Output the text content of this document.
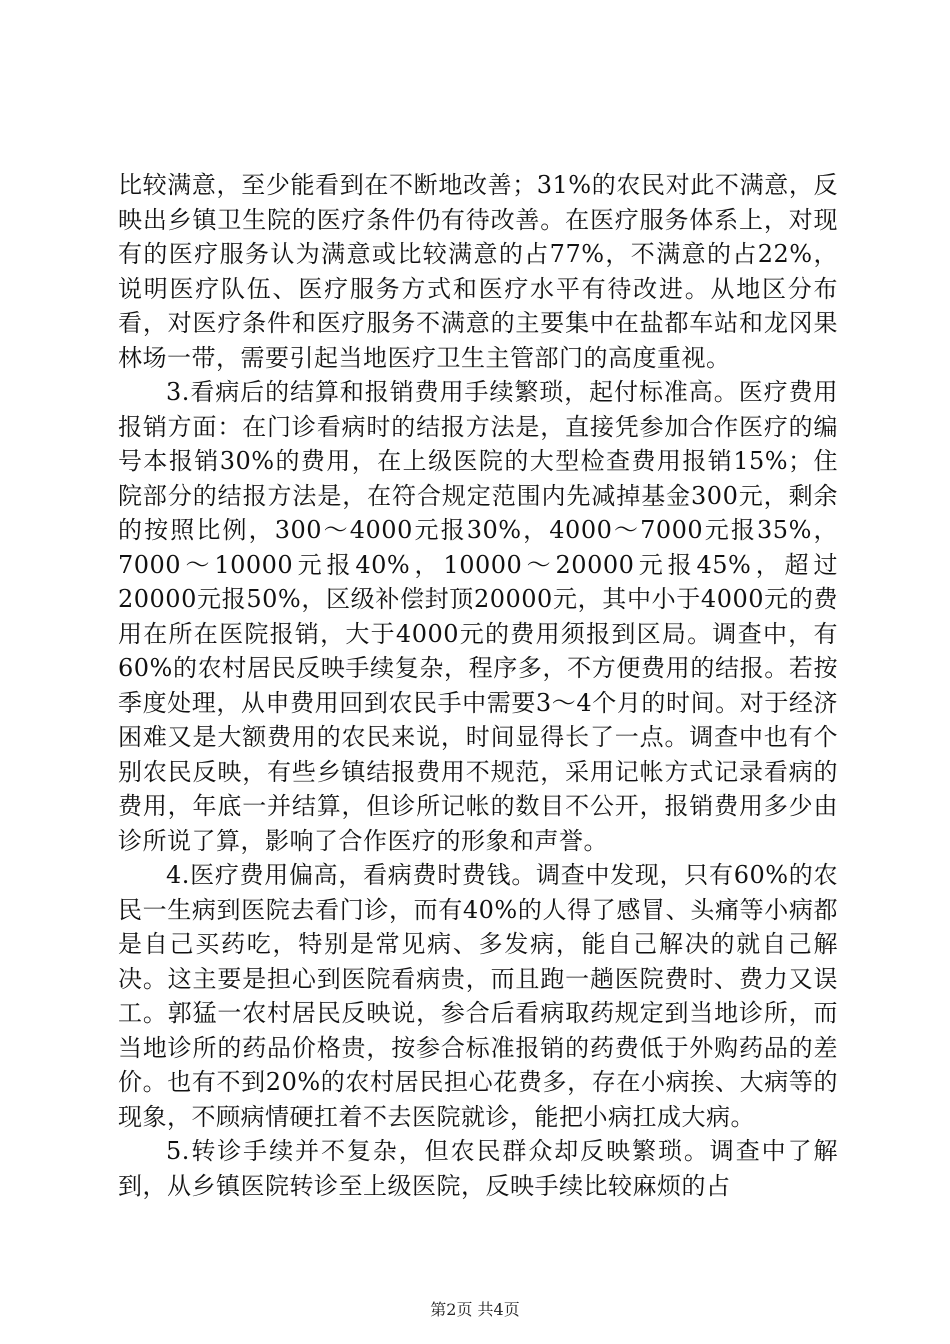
比较满意，至少能看到在不断地改善；31%的农民对此不满意，反映出乡镇卫生院的医疗条件仍有待改善。在医疗服务体系上，对现有的医疗服务认为满意或比较满意的占77%，不满意的占22%，说明医疗队伍、医疗服务方式和医疗水平有待改进。从地区分布看，对医疗条件和医疗服务不满意的主要集中在盐都车站和龙冈果林场一带，需要引起当地医疗卫生主管部门的高度重视。

3.看病后的结算和报销费用手续繁琐，起付标准高。医疗费用报销方面：在门诊看病时的结报方法是，直接凭参加合作医疗的编号本报销30%的费用，在上级医院的大型检查费用报销15%；住院部分的结报方法是，在符合规定范围内先减掉基金300元，剩余的按照比例，300～4000元报30%，4000～7000元报35%，7000～10000元报40%，10000～20000元报45%，超过20000元报50%，区级补偿封顶20000元，其中小于4000元的费用在所在医院报销，大于4000元的费用须报到区局。调查中，有60%的农村居民反映手续复杂，程序多，不方便费用的结报。若按季度处理，从申费用回到农民手中需要3～4个月的时间。对于经济困难又是大额费用的农民来说，时间显得长了一点。调查中也有个别农民反映，有些乡镇结报费用不规范，采用记帐方式记录看病的费用，年底一并结算，但诊所记帐的数目不公开，报销费用多少由诊所说了算，影响了合作医疗的形象和声誉。

4.医疗费用偏高，看病费时费钱。调查中发现，只有60%的农民一生病到医院去看门诊，而有40%的人得了感冒、头痛等小病都是自己买药吃，特别是常见病、多发病，能自己解决的就自己解决。这主要是担心到医院看病贵，而且跑一趟医院费时、费力又误工。郭猛一农村居民反映说，参合后看病取药规定到当地诊所，而当地诊所的药品价格贵，按参合标准报销的药费低于外购药品的差价。也有不到20%的农村居民担心花费多，存在小病挨、大病等的现象，不顾病情硬扛着不去医院就诊，能把小病扛成大病。

5.转诊手续并不复杂，但农民群众却反映繁琐。调查中了解到，从乡镇医院转诊至上级医院，反映手续比较麻烦的占

第2页 共4页
